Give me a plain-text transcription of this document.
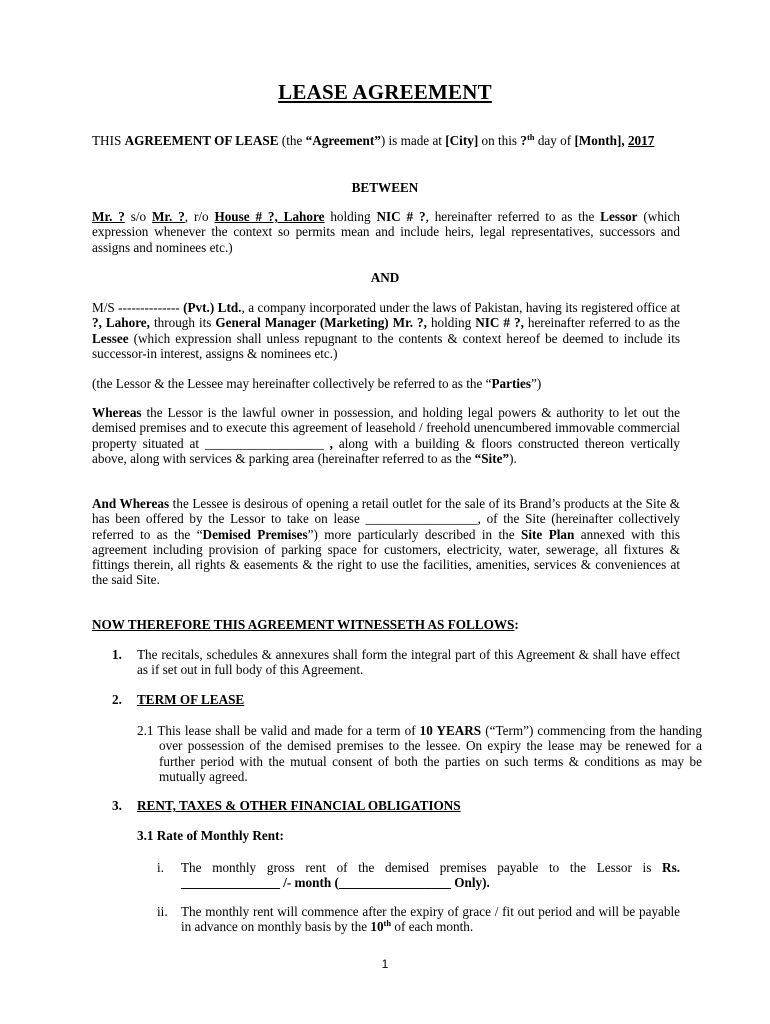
LEASE AGREEMENT
THIS AGREEMENT OF LEASE (the “Agreement”) is made at [City] on this ?$^{th}$ day of [Month], 2017
BETWEEN
Mr. ? s/o Mr. ?, r/o House # ?, Lahore holding NIC # ?, hereinafter referred to as the Lessor (which expression whenever the context so permits mean and include heirs, legal representatives, successors and assigns and nominees etc.)
AND
M/S -------------- (Pvt.) Ltd., a company incorporated under the laws of Pakistan, having its registered office at ?, Lahore, through its General Manager (Marketing) Mr. ?, holding NIC # ?, hereinafter referred to as the Lessee (which expression shall unless repugnant to the contents & context hereof be deemed to include its successor-in interest, assigns & nominees etc.)
(the Lessor & the Lessee may hereinafter collectively be referred to as the “Parties”)
Whereas the Lessor is the lawful owner in possession, and holding legal powers & authority to let out the demised premises and to execute this agreement of leasehold / freehold unencumbered immovable commercial property situated at __________________ , along with a building & floors constructed thereon vertically above, along with services & parking area (hereinafter referred to as the “Site”).
And Whereas the Lessee is desirous of opening a retail outlet for the sale of its Brand’s products at the Site & has been offered by the Lessor to take on lease _________________, of the Site (hereinafter collectively referred to as the “Demised Premises”) more particularly described in the Site Plan annexed with this agreement including provision of parking space for customers, electricity, water, sewerage, all fixtures & fittings therein, all rights & easements & the right to use the facilities, amenities, services & conveniences at the said Site.
NOW THEREFORE THIS AGREEMENT WITNESSETH AS FOLLOWS:
1. The recitals, schedules & annexures shall form the integral part of this Agreement & shall have effect as if set out in full body of this Agreement.
2. TERM OF LEASE
2.1 This lease shall be valid and made for a term of 10 YEARS (“Term”) commencing from the handing over possession of the demised premises to the lessee. On expiry the lease may be renewed for a further period with the mutual consent of both the parties on such terms & conditions as may be mutually agreed.
3. RENT, TAXES & OTHER FINANCIAL OBLIGATIONS
3.1 Rate of Monthly Rent:
i. The monthly gross rent of the demised premises payable to the Lessor is Rs. _______________ /- month (_________________ Only).
ii. The monthly rent will commence after the expiry of grace / fit out period and will be payable in advance on monthly basis by the 10th of each month.
1
